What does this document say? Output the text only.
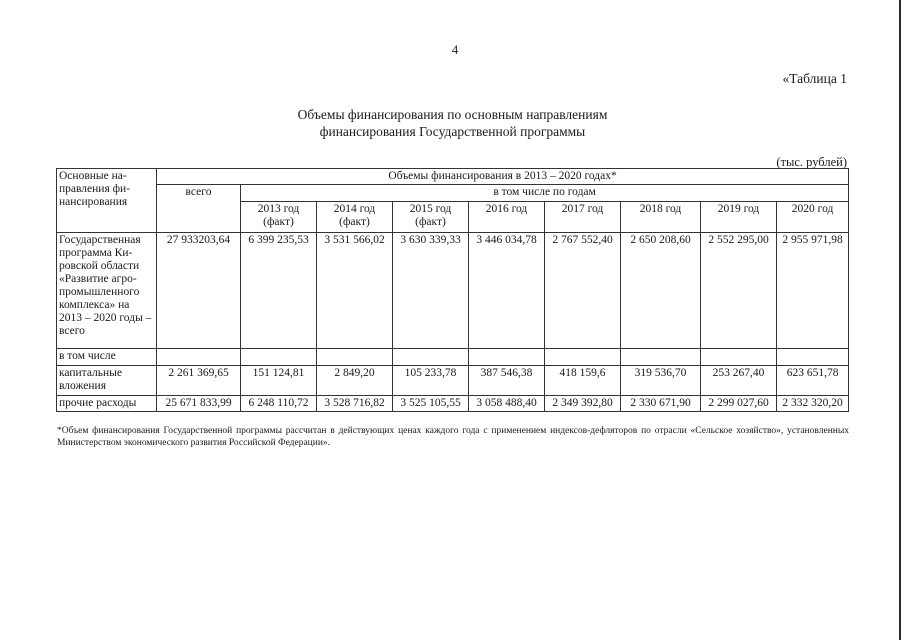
4
«Таблица 1
Объемы финансирования по основным направлениям
финансирования Государственной программы
(тыс. рублей)
Основные на-правления фи-нансирования	Объемы финансирования в 2013 – 2020 годах*								
	всего	в том числе по годам							
		2013 год (факт)	2014 год (факт)	2015 год (факт)	2016 год	2017 год	2018 год	2019 год	2020 год
Государственная программа Ки-ровской области «Развитие агро-промышленного комплекса» на 2013 – 2020 годы – всего	27 933203,64	6 399 235,53	3 531 566,02	3 630 339,33	3 446 034,78	2 767 552,40	2 650 208,60	2 552 295,00	2 955 971,98
в том числе									
капитальные вложения	2 261 369,65	151 124,81	2 849,20	105 233,78	387 546,38	418 159,6	319 536,70	253 267,40	623 651,78
прочие расходы	25 671 833,99	6 248 110,72	3 528 716,82	3 525 105,55	3 058 488,40	2 349 392,80	2 330 671,90	2 299 027,60	2 332 320,20
*Объем финансирования Государственной программы рассчитан в действующих ценах каждого года с применением индексов-дефляторов по отрасли «Сельское хозяйство», установленных Министерством экономического развития Российской Федерации».
